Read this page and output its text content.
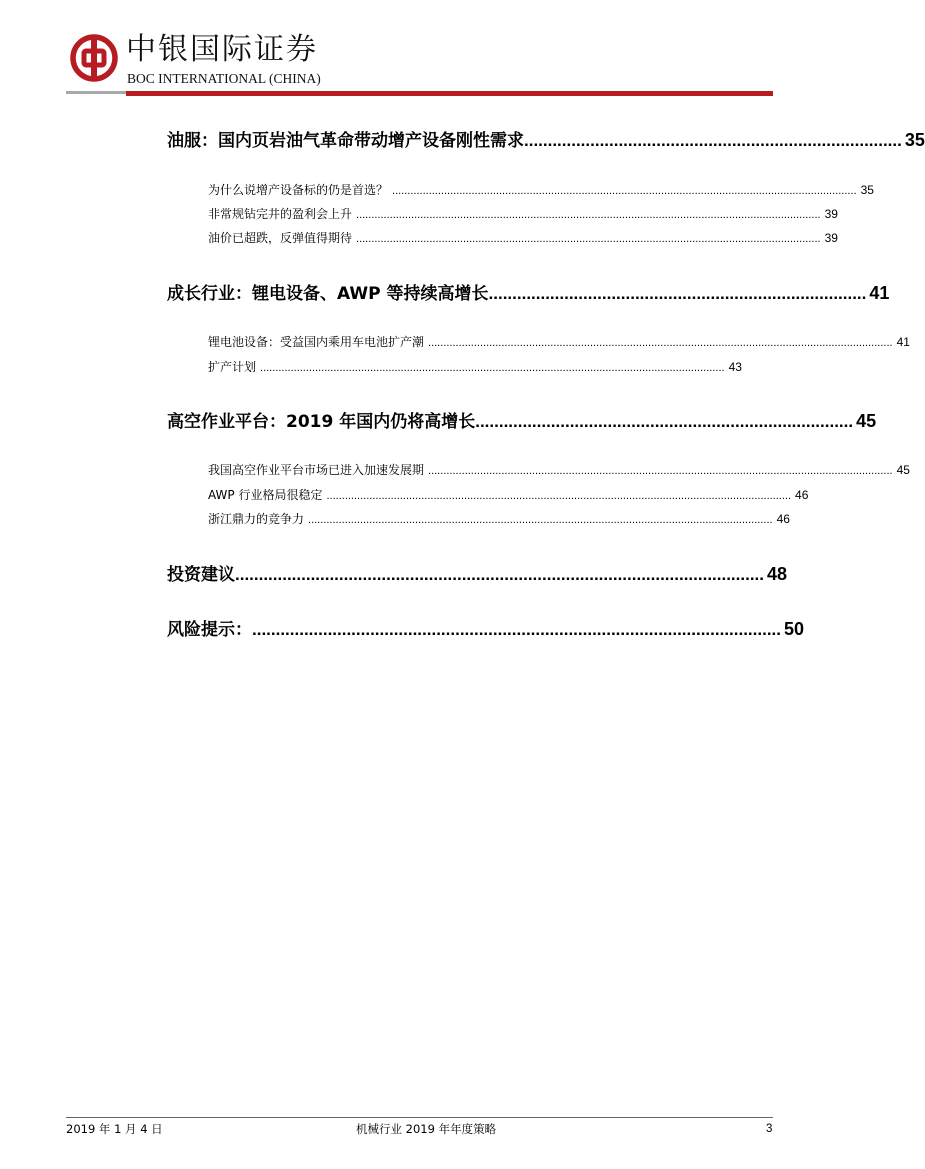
中银国际证券
BOC INTERNATIONAL (CHINA)
油服：国内页岩油气革命带动增产设备刚性需求 ................................................................................ 35
为什么说增产设备标的仍是首选？ ........................................................................................................................................................ 35
非常规钻完井的盈利会上升 ........................................................................................................................................................ 39
油价已超跌，反弹值得期待 ........................................................................................................................................................ 39
成长行业：锂电设备、AWP 等持续高增长 ................................................................................ 41
锂电池设备：受益国内乘用车电池扩产潮 ........................................................................................................................................................ 41
扩产计划 ........................................................................................................................................................ 43
高空作业平台：2019 年国内仍将高增长 ................................................................................ 45
我国高空作业平台市场已进入加速发展期 ........................................................................................................................................................ 45
AWP 行业格局很稳定 ........................................................................................................................................................ 46
浙江鼎力的竞争力 ........................................................................................................................................................ 46
投资建议 ................................................................................................................ 48
风险提示： ................................................................................................................ 50
2019 年 1 月 4 日	机械行业 2019 年年度策略	3
